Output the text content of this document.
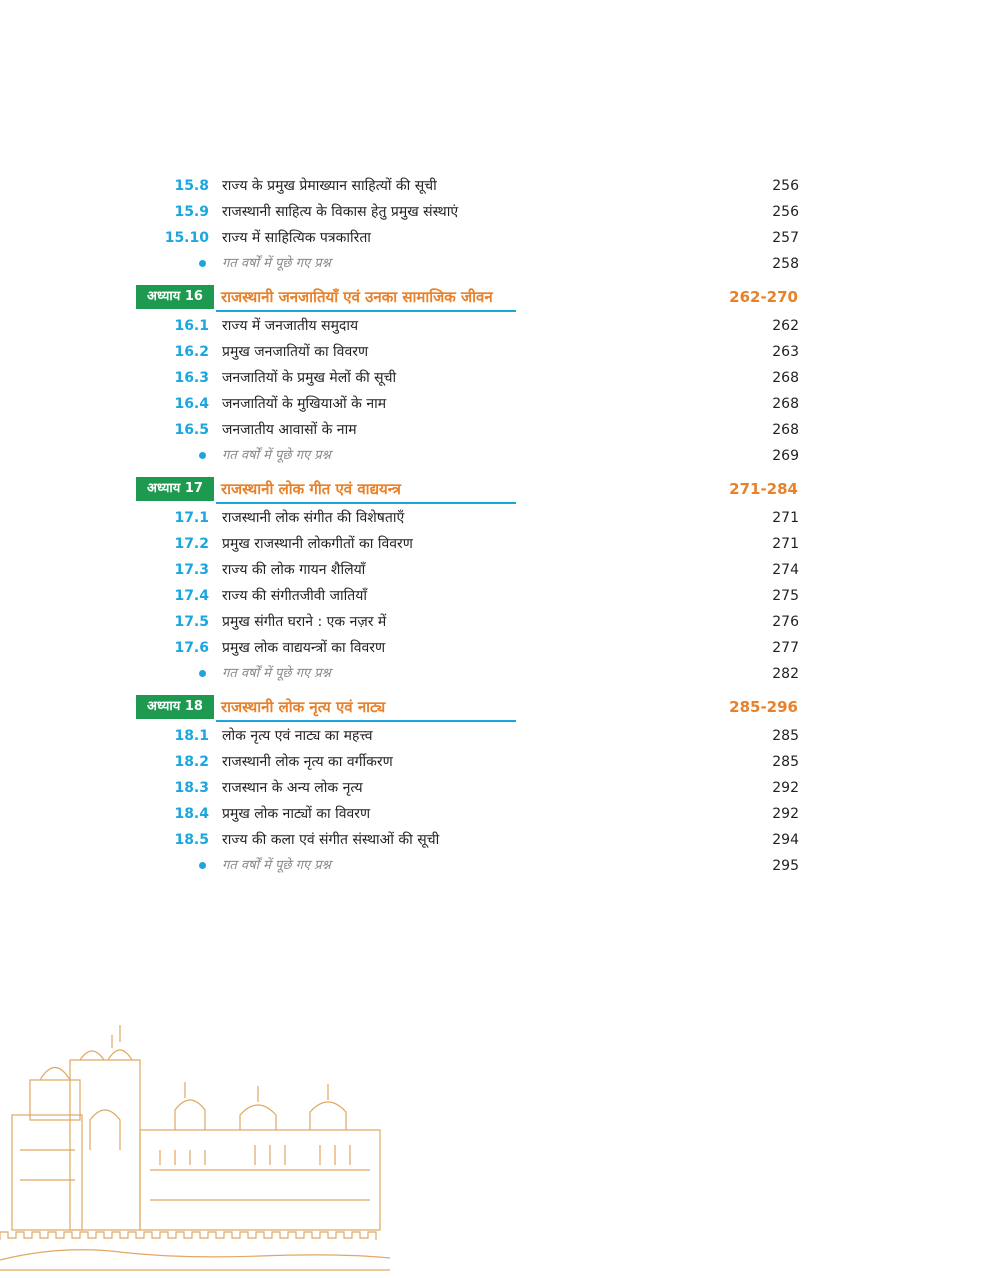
15.8 राज्य के प्रमुख प्रेमाख्यान साहित्यों की सूची	256
15.9 राजस्थानी साहित्य के विकास हेतु प्रमुख संस्थाएं	256
15.10 राज्य में साहित्यिक पत्रकारिता	257
गत वर्षों में पूछे गए प्रश्न	258
अध्याय 16	राजस्थानी जनजातियाँ एवं उनका सामाजिक जीवन	262-270
16.1 राज्य में जनजातीय समुदाय	262
16.2 प्रमुख जनजातियों का विवरण	263
16.3 जनजातियों के प्रमुख मेलों की सूची	268
16.4 जनजातियों के मुखियाओं के नाम	268
16.5 जनजातीय आवासों के नाम	268
गत वर्षों में पूछे गए प्रश्न	269
अध्याय 17	राजस्थानी लोक गीत एवं वाद्ययन्त्र	271-284
17.1 राजस्थानी लोक संगीत की विशेषताएँ	271
17.2 प्रमुख राजस्थानी लोकगीतों का विवरण	271
17.3 राज्य की लोक गायन शैलियाँ	274
17.4 राज्य की संगीतजीवी जातियाँ	275
17.5 प्रमुख संगीत घराने : एक नज़र में	276
17.6 प्रमुख लोक वाद्ययन्त्रों का विवरण	277
गत वर्षों में पूछे गए प्रश्न	282
अध्याय 18	राजस्थानी लोक नृत्य एवं नाट्य	285-296
18.1 लोक नृत्य एवं नाट्य का महत्त्व	285
18.2 राजस्थानी लोक नृत्य का वर्गीकरण	285
18.3 राजस्थान के अन्य लोक नृत्य	292
18.4 प्रमुख लोक नाट्यों का विवरण	292
18.5 राज्य की कला एवं संगीत संस्थाओं की सूची	294
गत वर्षों में पूछे गए प्रश्न	295
